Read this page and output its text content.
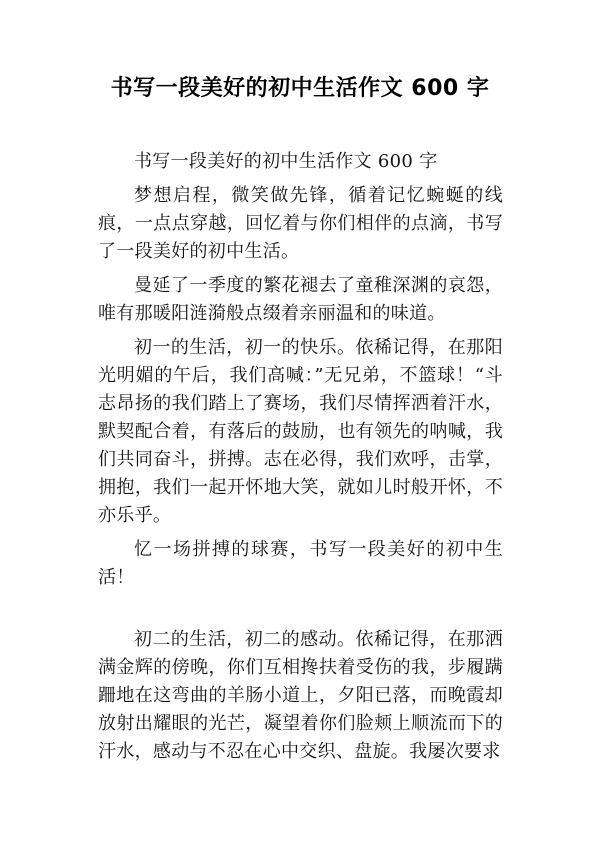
书写一段美好的初中生活作文 600 字

书写一段美好的初中生活作文 600 字

梦想启程，微笑做先锋，循着记忆蜿蜒的线痕，一点点穿越，回忆着与你们相伴的点滴，书写了一段美好的初中生活。

曼延了一季度的繁花褪去了童稚深渊的哀怨，唯有那暖阳涟漪般点缀着亲丽温和的味道。

初一的生活，初一的快乐。依稀记得，在那阳光明媚的午后，我们高喊：”无兄弟，不篮球！“斗志昂扬的我们踏上了赛场，我们尽情挥洒着汗水，默契配合着，有落后的鼓励，也有领先的呐喊，我们共同奋斗，拼搏。志在必得，我们欢呼，击掌，拥抱，我们一起开怀地大笑，就如儿时般开怀，不亦乐乎。

忆一场拼搏的球赛，书写一段美好的初中生活！

初二的生活，初二的感动。依稀记得，在那洒满金辉的傍晚，你们互相搀扶着受伤的我，步履蹒跚地在这弯曲的羊肠小道上，夕阳已落，而晚霞却放射出耀眼的光芒，凝望着你们脸颊上顺流而下的汗水，感动与不忍在心中交织、盘旋。我屡次要求
